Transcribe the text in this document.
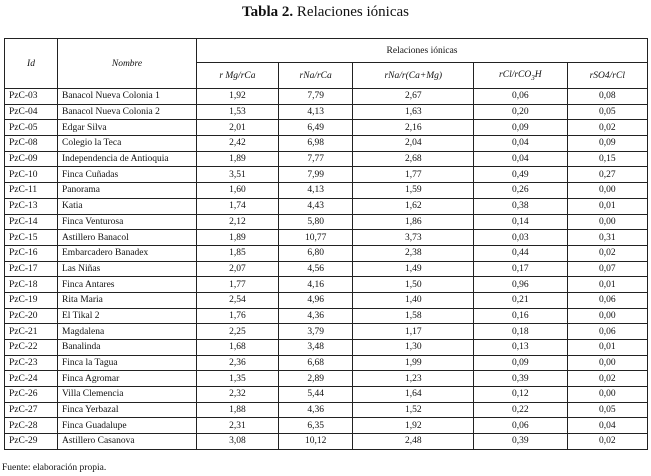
Tabla 2. Relaciones iónicas
Id	Nombre	Relaciones iónicas				
		r Mg/rCa	rNa/rCa	rNa/r(Ca+Mg)	rCl/rCO$_3$H	rSO4/rCl
PzC-03	Banacol Nueva Colonia 1	1,92	7,79	2,67	0,06	0,08
PzC-04	Banacol Nueva Colonia 2	1,53	4,13	1,63	0,20	0,05
PzC-05	Edgar Silva	2,01	6,49	2,16	0,09	0,02
PzC-08	Colegio la Teca	2,42	6,98	2,04	0,04	0,09
PzC-09	Independencia de Antioquia	1,89	7,77	2,68	0,04	0,15
PzC-10	Finca Cuñadas	3,51	7,99	1,77	0,49	0,27
PzC-11	Panorama	1,60	4,13	1,59	0,26	0,00
PzC-13	Katia	1,74	4,43	1,62	0,38	0,01
PzC-14	Finca Venturosa	2,12	5,80	1,86	0,14	0,00
PzC-15	Astillero Banacol	1,89	10,77	3,73	0,03	0,31
PzC-16	Embarcadero Banadex	1,85	6,80	2,38	0,44	0,02
PzC-17	Las Niñas	2,07	4,56	1,49	0,17	0,07
PzC-18	Finca Antares	1,77	4,16	1,50	0,96	0,01
PzC-19	Rita Maria	2,54	4,96	1,40	0,21	0,06
PzC-20	El Tikal 2	1,76	4,36	1,58	0,16	0,00
PzC-21	Magdalena	2,25	3,79	1,17	0,18	0,06
PzC-22	Banalinda	1,68	3,48	1,30	0,13	0,01
PzC-23	Finca la Tagua	2,36	6,68	1,99	0,09	0,00
PzC-24	Finca Agromar	1,35	2,89	1,23	0,39	0,02
PzC-26	Villa Clemencia	2,32	5,44	1,64	0,12	0,00
PzC-27	Finca Yerbazal	1,88	4,36	1,52	0,22	0,05
PzC-28	Finca Guadalupe	2,31	6,35	1,92	0,06	0,04
PzC-29	Astillero Casanova	3,08	10,12	2,48	0,39	0,02
Fuente: elaboración propia.
